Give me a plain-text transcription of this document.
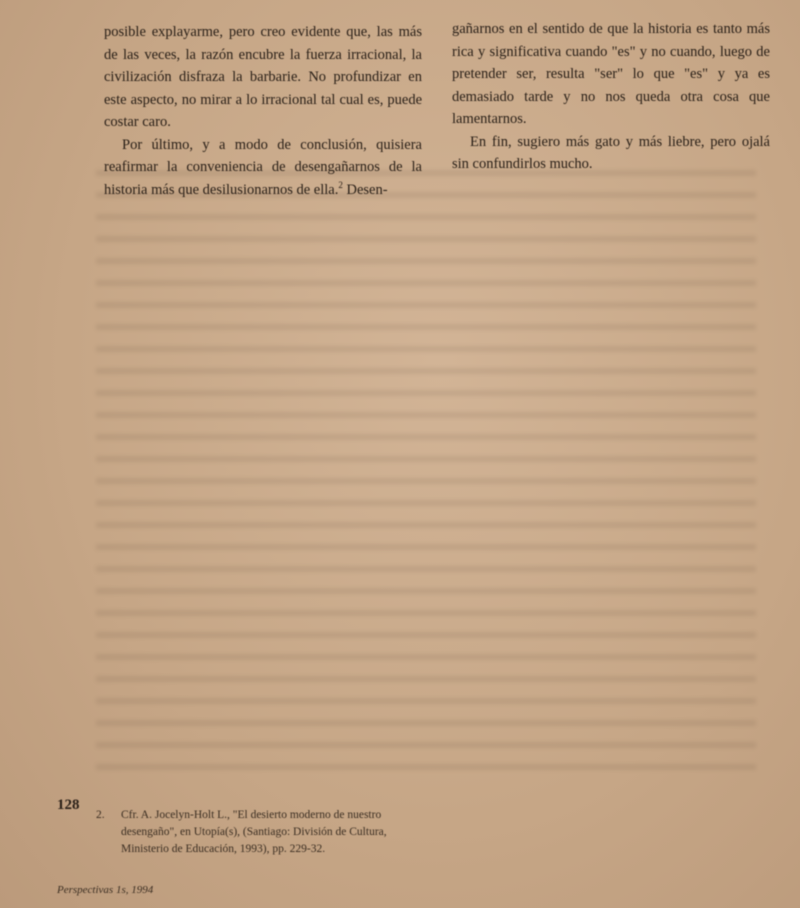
posible explayarme, pero creo evidente que, las más de las veces, la razón encubre la fuerza irracional, la civilización disfraza la barbarie. No profundizar en este aspecto, no mirar a lo irracional tal cual es, puede costar caro.

Por último, y a modo de conclusión, quisiera reafirmar la conveniencia de desengañarnos de la historia más que desilusionarnos de ella.$^2$ Desen-

gañarnos en el sentido de que la historia es tanto más rica y significativa cuando "es" y no cuando, luego de pretender ser, resulta "ser" lo que "es" y ya es demasiado tarde y no nos queda otra cosa que lamentarnos.

En fin, sugiero más gato y más liebre, pero ojalá sin confundirlos mucho.

128
2. Cfr. A. Jocelyn-Holt L., "El desierto moderno de nuestro desengaño", en Utopía(s), (Santiago: División de Cultura, Ministerio de Educación, 1993), pp. 229-32.
Perspectivas 1s, 1994
